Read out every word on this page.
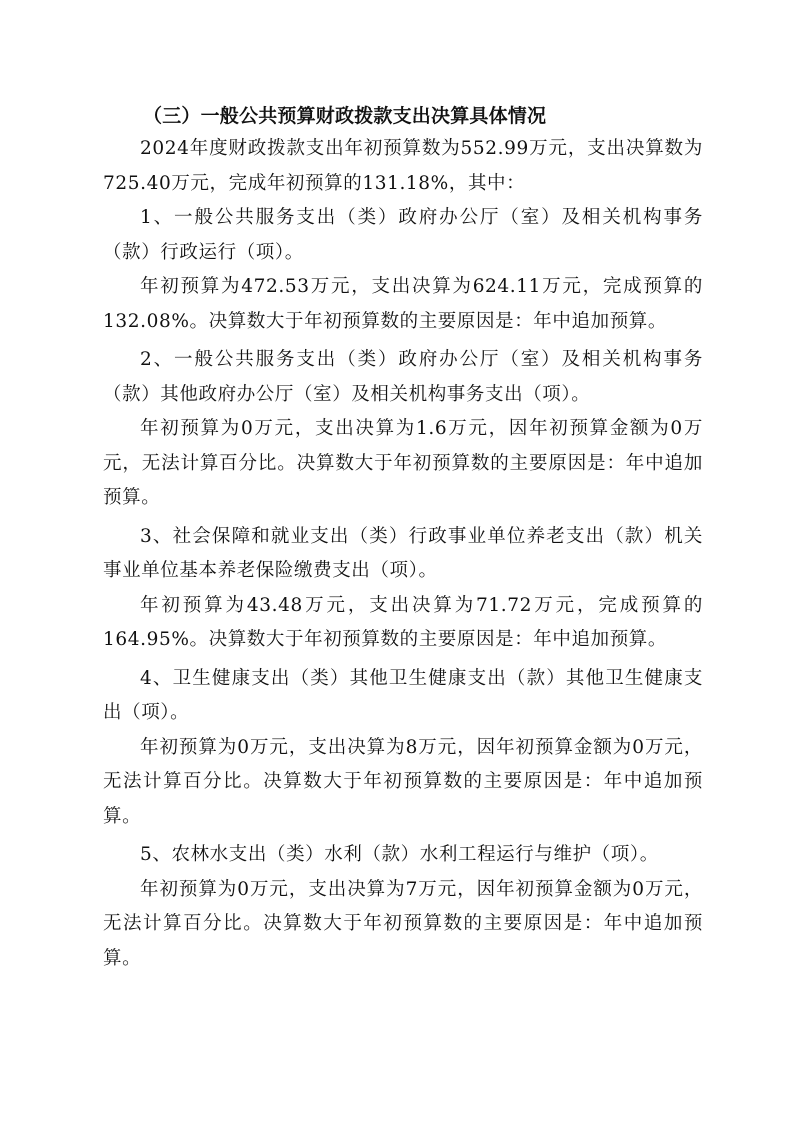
（三）一般公共预算财政拨款支出决算具体情况

2024年度财政拨款支出年初预算数为552.99万元，支出决算数为725.40万元，完成年初预算的131.18%，其中：

1、一般公共服务支出（类）政府办公厅（室）及相关机构事务（款）行政运行（项）。

年初预算为472.53万元，支出决算为624.11万元，完成预算的132.08%。决算数大于年初预算数的主要原因是：年中追加预算。

2、一般公共服务支出（类）政府办公厅（室）及相关机构事务（款）其他政府办公厅（室）及相关机构事务支出（项）。

年初预算为0万元，支出决算为1.6万元，因年初预算金额为0万元，无法计算百分比。决算数大于年初预算数的主要原因是：年中追加预算。

3、社会保障和就业支出（类）行政事业单位养老支出（款）机关事业单位基本养老保险缴费支出（项）。

年初预算为43.48万元，支出决算为71.72万元，完成预算的164.95%。决算数大于年初预算数的主要原因是：年中追加预算。

4、卫生健康支出（类）其他卫生健康支出（款）其他卫生健康支出（项）。

年初预算为0万元，支出决算为8万元，因年初预算金额为0万元，无法计算百分比。决算数大于年初预算数的主要原因是：年中追加预算。

5、农林水支出（类）水利（款）水利工程运行与维护（项）。

年初预算为0万元，支出决算为7万元，因年初预算金额为0万元，无法计算百分比。决算数大于年初预算数的主要原因是：年中追加预算。
